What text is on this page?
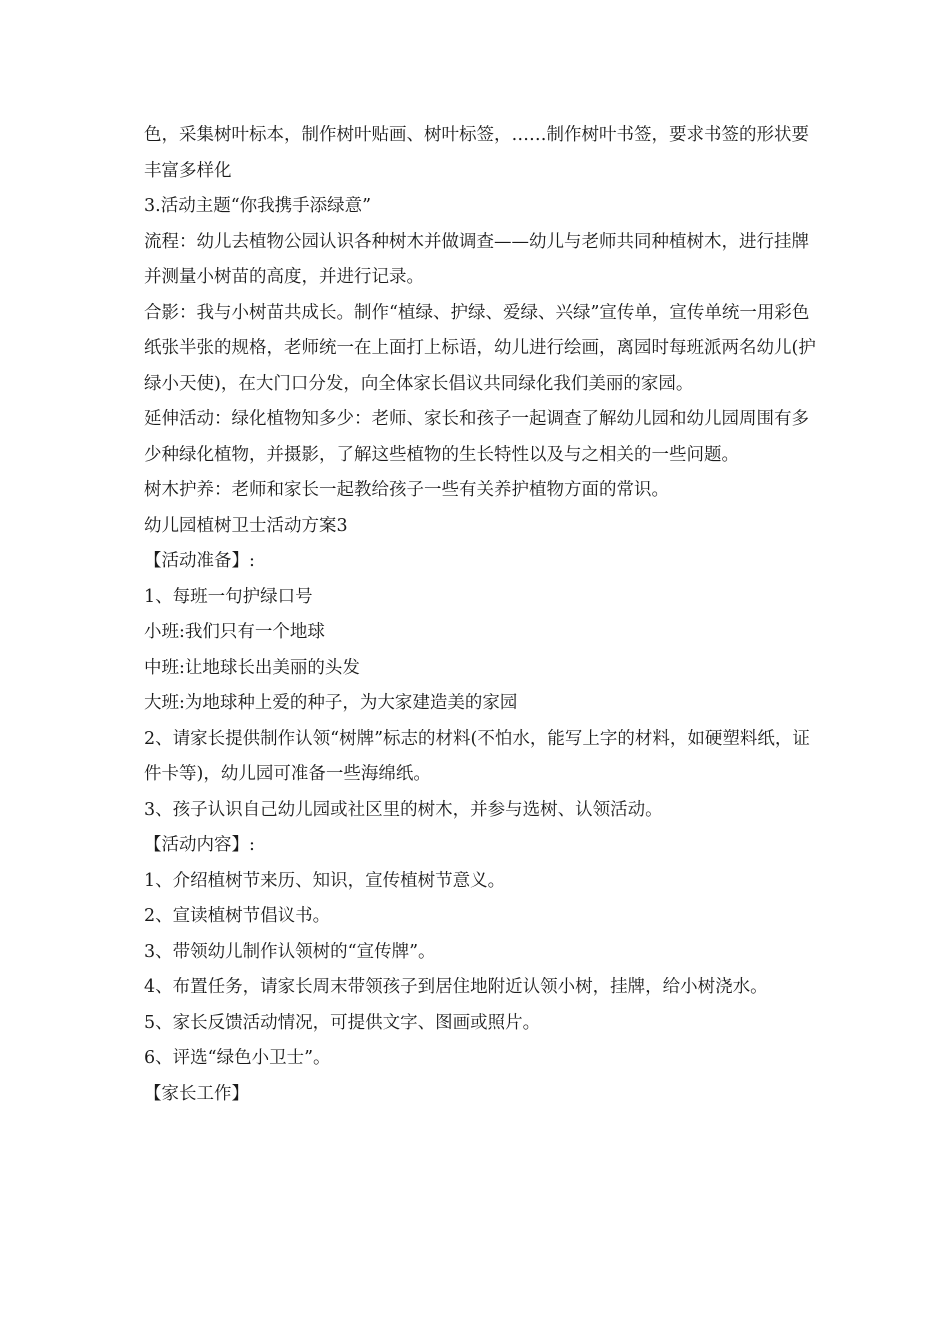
色，采集树叶标本，制作树叶贴画、树叶标签，……制作树叶书签，要求书签的形状要丰富多样化

3.活动主题“你我携手添绿意”

流程：幼儿去植物公园认识各种树木并做调查——幼儿与老师共同种植树木，进行挂牌并测量小树苗的高度，并进行记录。

合影：我与小树苗共成长。制作“植绿、护绿、爱绿、兴绿”宣传单，宣传单统一用彩色纸张半张的规格，老师统一在上面打上标语，幼儿进行绘画，离园时每班派两名幼儿(护绿小天使)，在大门口分发，向全体家长倡议共同绿化我们美丽的家园。

延伸活动：绿化植物知多少：老师、家长和孩子一起调查了解幼儿园和幼儿园周围有多少种绿化植物，并摄影，了解这些植物的生长特性以及与之相关的一些问题。

树木护养：老师和家长一起教给孩子一些有关养护植物方面的常识。

幼儿园植树卫士活动方案3

【活动准备】:

1、每班一句护绿口号

小班:我们只有一个地球

中班:让地球长出美丽的头发

大班:为地球种上爱的种子，为大家建造美的家园

2、请家长提供制作认领“树牌”标志的材料(不怕水，能写上字的材料，如硬塑料纸，证件卡等)，幼儿园可准备一些海绵纸。

3、孩子认识自己幼儿园或社区里的树木，并参与选树、认领活动。

【活动内容】:

1、介绍植树节来历、知识，宣传植树节意义。

2、宣读植树节倡议书。

3、带领幼儿制作认领树的“宣传牌”。

4、布置任务，请家长周末带领孩子到居住地附近认领小树，挂牌，给小树浇水。

5、家长反馈活动情况，可提供文字、图画或照片。

6、评选“绿色小卫士”。

【家长工作】
